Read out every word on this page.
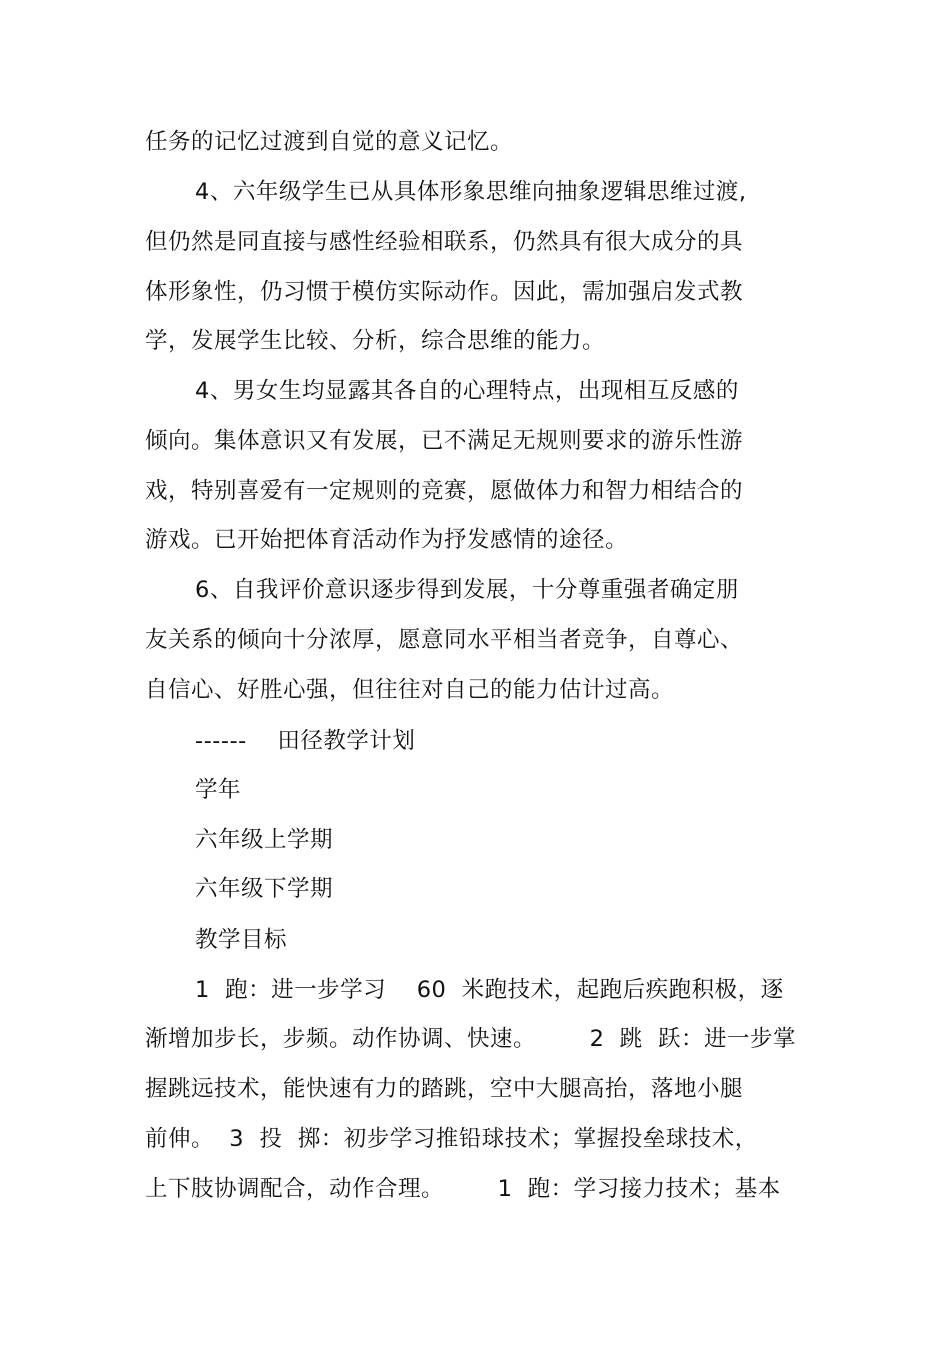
任务的记忆过渡到自觉的意义记忆。
4、六年级学生已从具体形象思维向抽象逻辑思维过渡,
但仍然是同直接与感性经验相联系，仍然具有很大成分的具
体形象性，仍习惯于模仿实际动作。因此，需加强启发式教
学，发展学生比较、分析，综合思维的能力。
4、男女生均显露其各自的心理特点，出现相互反感的
倾向。集体意识又有发展，已不满足无规则要求的游乐性游
戏，特别喜爱有一定规则的竞赛，愿做体力和智力相结合的
游戏。已开始把体育活动作为抒发感情的途径。
6、自我评价意识逐步得到发展，十分尊重强者确定朋
友关系的倾向十分浓厚，愿意同水平相当者竞争，自尊心、
自信心、好胜心强，但往往对自己的能力估计过高。
------    田径教学计划
学年
六年级上学期
六年级下学期
教学目标
1  跑：进一步学习    60  米跑技术，起跑后疾跑积极，逐
渐增加步长，步频。动作协调、快速。       2  跳  跃：进一步掌
握跳远技术，能快速有力的踏跳，空中大腿高抬，落地小腿
前伸。  3  投  掷：初步学习推铅球技术；掌握投垒球技术，
上下肢协调配合，动作合理。       1  跑：学习接力技术；基本
